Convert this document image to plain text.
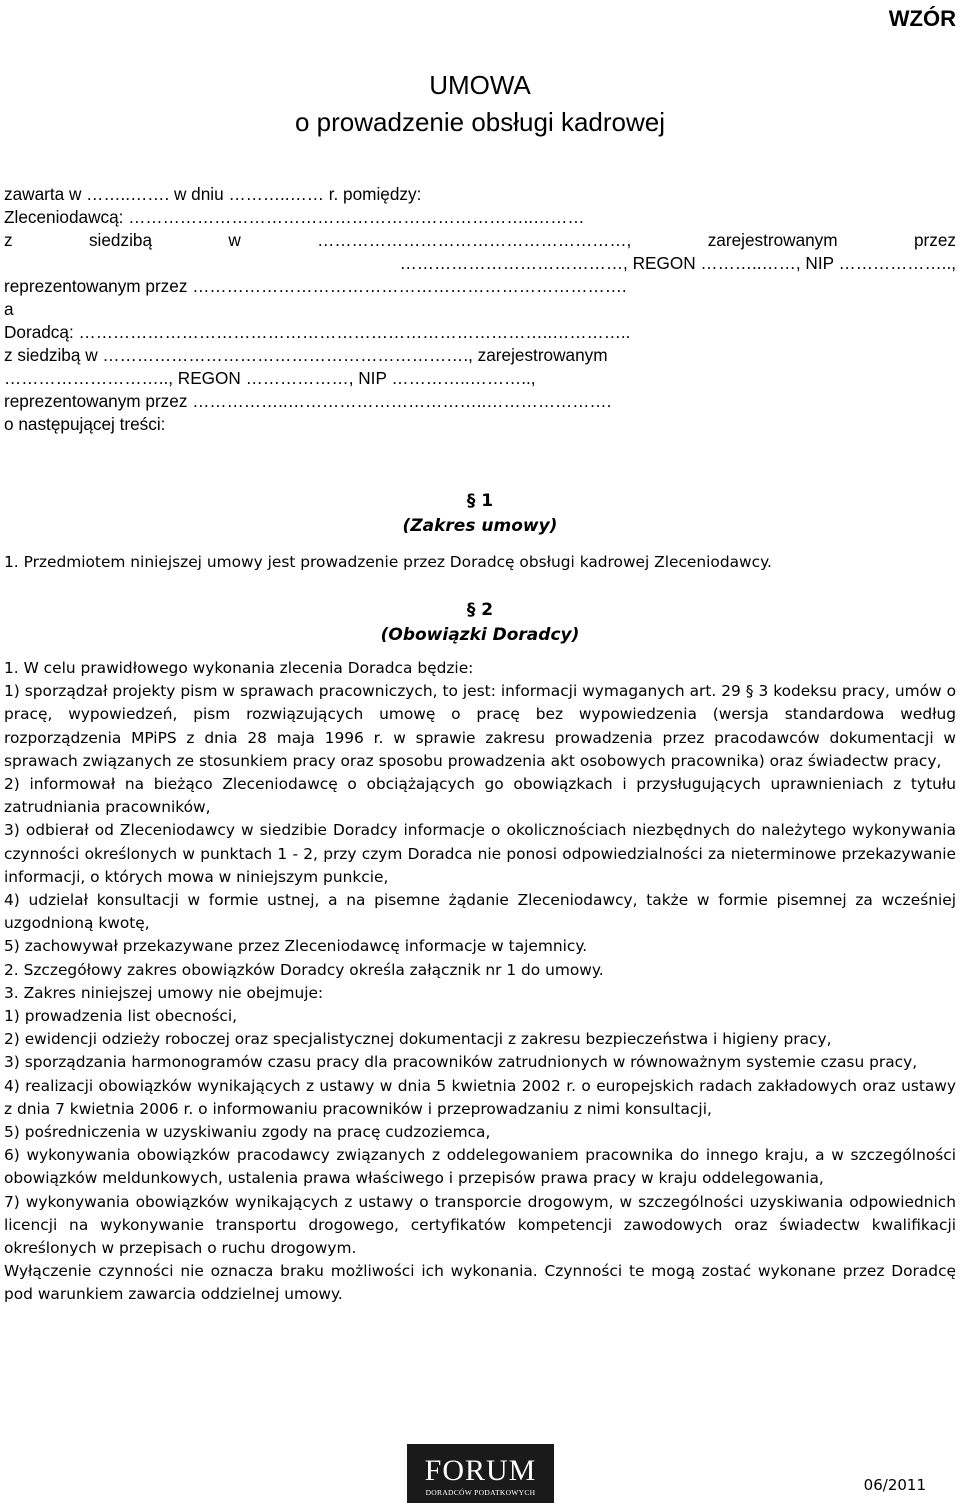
WZÓR
UMOWA
o prowadzenie obsługi kadrowej
zawarta w ……..……. w dniu ………..…… r. pomiędzy:
Zleceniodawcą: ……………………………………………………………..………
z siedzibą w ………………………………………………, zarejestrowanym przez
…………………………………, REGON ………..……, NIP ………………..,
reprezentowanym przez ………………………………………………………………….
a
Doradcą: ………………………………………………………………………..…………..
z siedzibą w ………………………………………………………., zarejestrowanym
……………………….., REGON ………………, NIP …………..………..,
reprezentowanym przez ……………..……………………………..………………….
o następującej treści:
§ 1
(Zakres umowy)

1. Przedmiotem niniejszej umowy jest prowadzenie przez Doradcę obsługi kadrowej Zleceniodawcy.

§ 2
(Obowiązki Doradcy)

1. W celu prawidłowego wykonania zlecenia Doradca będzie:

1) sporządzał projekty pism w sprawach pracowniczych, to jest: informacji wymaganych art. 29 § 3 kodeksu pracy, umów o pracę, wypowiedzeń, pism rozwiązujących umowę o pracę bez wypowiedzenia (wersja standardowa według rozporządzenia MPiPS z dnia 28 maja 1996 r. w sprawie zakresu prowadzenia przez pracodawców dokumentacji w sprawach związanych ze stosunkiem pracy oraz sposobu prowadzenia akt osobowych pracownika) oraz świadectw pracy,

2) informował na bieżąco Zleceniodawcę o obciążających go obowiązkach i przysługujących uprawnieniach z tytułu zatrudniania pracowników,

3) odbierał od Zleceniodawcy w siedzibie Doradcy informacje o okolicznościach niezbędnych do należytego wykonywania czynności określonych w punktach 1 - 2, przy czym Doradca nie ponosi odpowiedzialności za nieterminowe przekazywanie informacji, o których mowa w niniejszym punkcie,

4) udzielał konsultacji w formie ustnej, a na pisemne żądanie Zleceniodawcy, także w formie pisemnej za wcześniej uzgodnioną kwotę,

5) zachowywał przekazywane przez Zleceniodawcę informacje w tajemnicy.

2. Szczegółowy zakres obowiązków Doradcy określa załącznik nr 1 do umowy.

3. Zakres niniejszej umowy nie obejmuje:

1) prowadzenia list obecności,

2) ewidencji odzieży roboczej oraz specjalistycznej dokumentacji z zakresu bezpieczeństwa i higieny pracy,

3) sporządzania harmonogramów czasu pracy dla pracowników zatrudnionych w równoważnym systemie czasu pracy,

4) realizacji obowiązków wynikających z ustawy w dnia 5 kwietnia 2002 r. o europejskich radach zakładowych oraz ustawy z dnia 7 kwietnia 2006 r. o informowaniu pracowników i przeprowadzaniu z nimi konsultacji,

5) pośredniczenia w uzyskiwaniu zgody na pracę cudzoziemca,

6) wykonywania obowiązków pracodawcy związanych z oddelegowaniem pracownika do innego kraju, a w szczególności obowiązków meldunkowych, ustalenia prawa właściwego i przepisów prawa pracy w kraju oddelegowania,

7) wykonywania obowiązków wynikających z ustawy o transporcie drogowym, w szczególności uzyskiwania odpowiednich licencji na wykonywanie transportu drogowego, certyfikatów kompetencji zawodowych oraz świadectw kwalifikacji określonych w przepisach o ruchu drogowym.

Wyłączenie czynności nie oznacza braku możliwości ich wykonania. Czynności te mogą zostać wykonane przez Doradcę pod warunkiem zawarcia oddzielnej umowy.

FORUM
DORADCÓW PODATKOWYCH	06/2011
